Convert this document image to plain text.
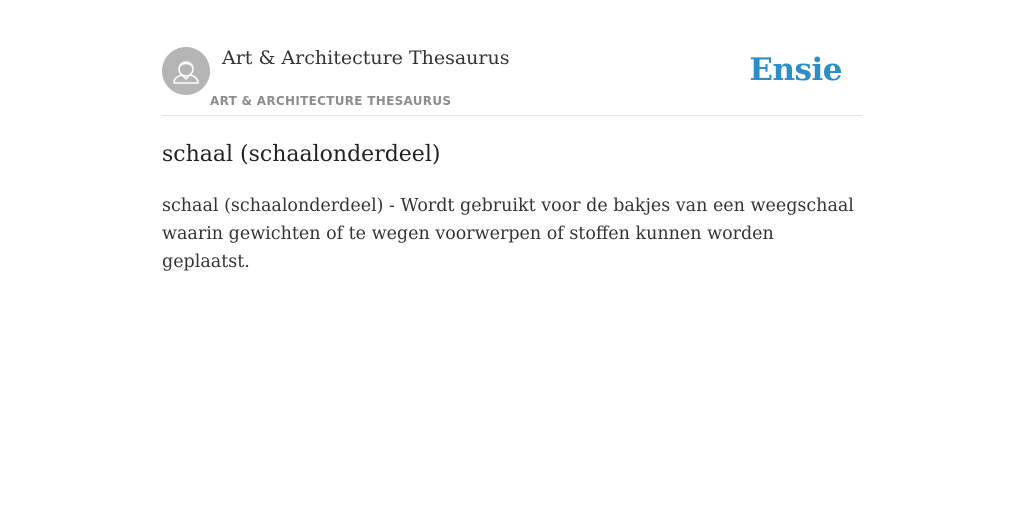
Art & Architecture Thesaurus
ART & ARCHITECTURE THESAURUS
Ensie
schaal (schaalonderdeel)

schaal (schaalonderdeel) - Wordt gebruikt voor de bakjes van een weegschaal waarin gewichten of te wegen voorwerpen of stoffen kunnen worden geplaatst.
